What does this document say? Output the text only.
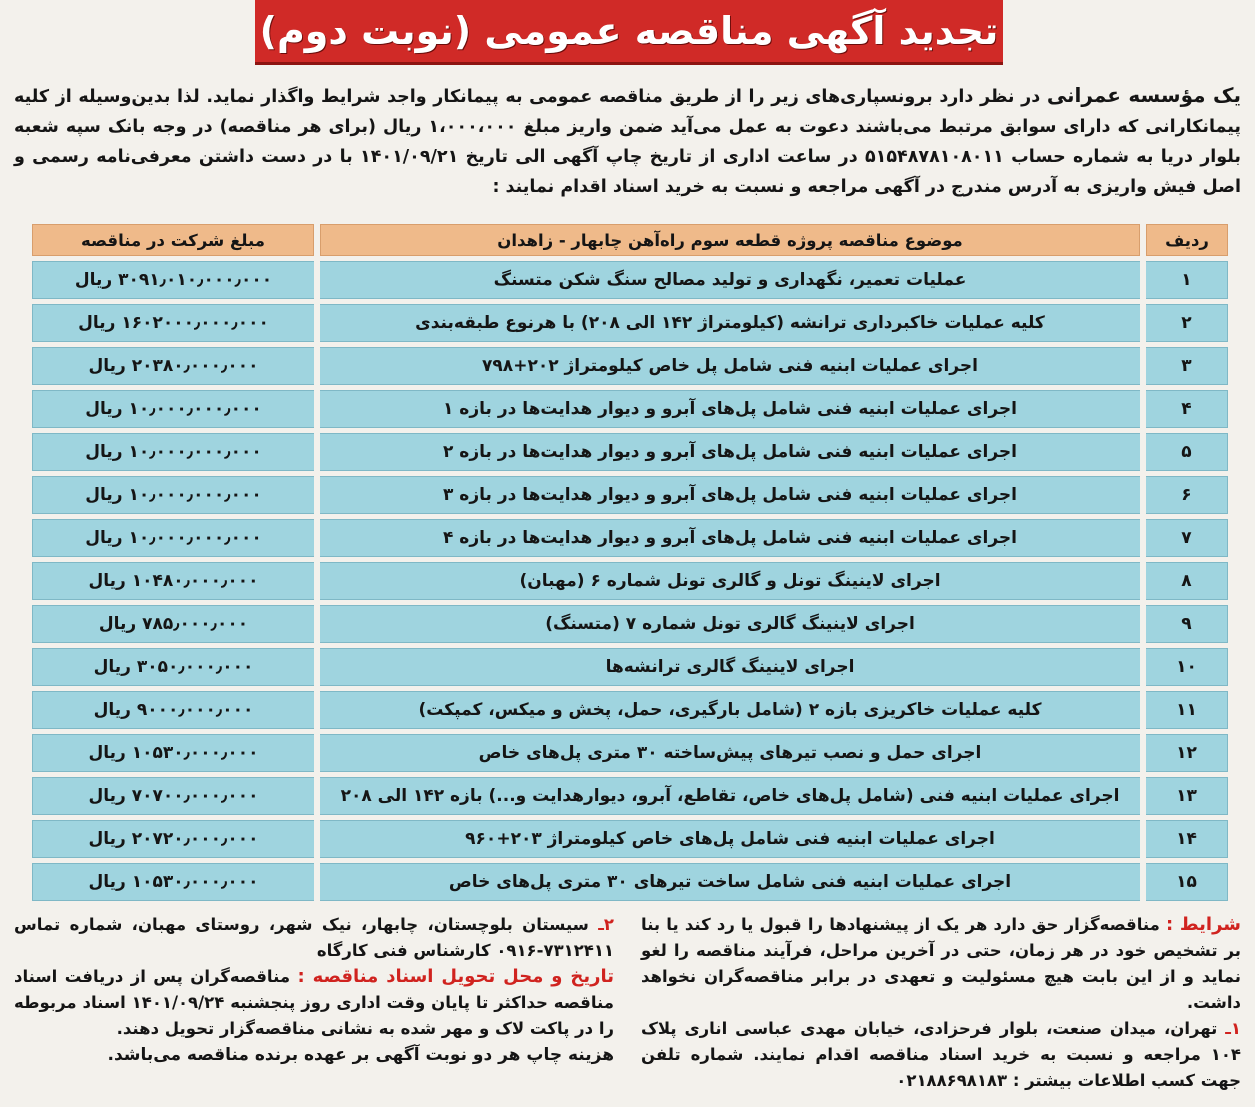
تجدید آگهی مناقصه عمومی (نوبت دوم)
یک مؤسسه عمرانی در نظر دارد برونسپاری‌های زیر را از طریق مناقصه عمومی به پیمانکار واجد شرایط واگذار نماید. لذا بدین‌وسیله از کلیه پیمانکارانی که دارای سوابق مرتبط می‌باشند دعوت به عمل می‌آید ضمن واریز مبلغ ۱،۰۰۰،۰۰۰ ریال (برای هر مناقصه) در وجه بانک سپه شعبه بلوار دریا به شماره حساب ۵۱۵۴۸۷۸۱۰۸۰۱۱ در ساعت اداری از تاریخ چاپ آگهی الی تاریخ ۱۴۰۱/۰۹/۲۱ با در دست داشتن معرفی‌نامه رسمی و اصل فیش واریزی به آدرس مندرج در آگهی مراجعه و نسبت به خرید اسناد اقدام نمایند :
ردیف		موضوع مناقصه پروژه قطعه سوم راه‌آهن چابهار - زاهدان		مبلغ شرکت در مناقصه
۱		عملیات تعمیر، نگهداری و تولید مصالح سنگ شکن متسنگ		۳۰۹۱٫۰۱۰٫۰۰۰٫۰۰۰ ریال
۲		کلیه عملیات خاکبرداری ترانشه (کیلومتراژ ۱۴۲ الی ۲۰۸) با هرنوع طبقه‌بندی		۱۶۰۲۰۰۰٫۰۰۰٫۰۰۰ ریال
۳		اجرای عملیات ابنیه فنی شامل پل خاص کیلومتراژ ۲۰۲+۷۹۸		۲۰۳۸۰٫۰۰۰٫۰۰۰ ریال
۴		اجرای عملیات ابنیه فنی شامل پل‌های آبرو و دیوار هدایت‌ها در بازه ۱		۱۰٫۰۰۰٫۰۰۰٫۰۰۰ ریال
۵		اجرای عملیات ابنیه فنی شامل پل‌های آبرو و دیوار هدایت‌ها در بازه ۲		۱۰٫۰۰۰٫۰۰۰٫۰۰۰ ریال
۶		اجرای عملیات ابنیه فنی شامل پل‌های آبرو و دیوار هدایت‌ها در بازه ۳		۱۰٫۰۰۰٫۰۰۰٫۰۰۰ ریال
۷		اجرای عملیات ابنیه فنی شامل پل‌های آبرو و دیوار هدایت‌ها در بازه ۴		۱۰٫۰۰۰٫۰۰۰٫۰۰۰ ریال
۸		اجرای لاینینگ تونل و گالری تونل شماره ۶ (مهبان)		۱۰۴۸۰٫۰۰۰٫۰۰۰ ریال
۹		اجرای لاینینگ گالری تونل شماره ۷ (متسنگ)		۷۸۵٫۰۰۰٫۰۰۰ ریال
۱۰		اجرای لاینینگ گالری ترانشه‌ها		۳۰۵۰٫۰۰۰٫۰۰۰ ریال
۱۱		کلیه عملیات خاکریزی بازه ۲ (شامل بارگیری، حمل، پخش و میکس، کمپکت)		۹۰۰۰٫۰۰۰٫۰۰۰ ریال
۱۲		اجرای حمل و نصب تیرهای پیش‌ساخته ۳۰ متری پل‌های خاص		۱۰۵۳۰٫۰۰۰٫۰۰۰ ریال
۱۳		اجرای عملیات ابنیه فنی (شامل پل‌های خاص، تقاطع، آبرو، دیوارهدایت و...) بازه ۱۴۲ الی ۲۰۸		۷۰۷۰۰٫۰۰۰٫۰۰۰ ریال
۱۴		اجرای عملیات ابنیه فنی شامل پل‌های خاص کیلومتراژ ۲۰۳+۹۶۰		۲۰۷۲۰٫۰۰۰٫۰۰۰ ریال
۱۵		اجرای عملیات ابنیه فنی شامل ساخت تیرهای ۳۰ متری پل‌های خاص		۱۰۵۳۰٫۰۰۰٫۰۰۰ ریال

شرایط : مناقصه‌گزار حق دارد هر یک از پیشنهادها را قبول یا رد کند یا بنا بر تشخیص خود در هر زمان، حتی در آخرین مراحل، فرآیند مناقصه را لغو نماید و از این بابت هیچ مسئولیت و تعهدی در برابر مناقصه‌گران نخواهد داشت.

۱ـ تهران، میدان صنعت، بلوار فرحزادی، خیابان مهدی عباسی اناری پلاک ۱۰۴ مراجعه و نسبت به خرید اسناد مناقصه اقدام نمایند. شماره تلفن جهت کسب اطلاعات بیشتر : ۰۲۱۸۸۶۹۸۱۸۳

۲ـ سیستان بلوچستان، چابهار، نیک شهر، روستای مهبان، شماره تماس ۷۳۱۲۴۱۱-۰۹۱۶ کارشناس فنی کارگاه

تاریخ و محل تحویل اسناد مناقصه : مناقصه‌گران پس از دریافت اسناد مناقصه حداکثر تا پایان وقت اداری روز پنجشنبه ۱۴۰۱/۰۹/۲۴ اسناد مربوطه را در پاکت لاک و مهر شده به نشانی مناقصه‌گزار تحویل دهند.

هزینه چاپ هر دو نوبت آگهی بر عهده برنده مناقصه می‌باشد.
